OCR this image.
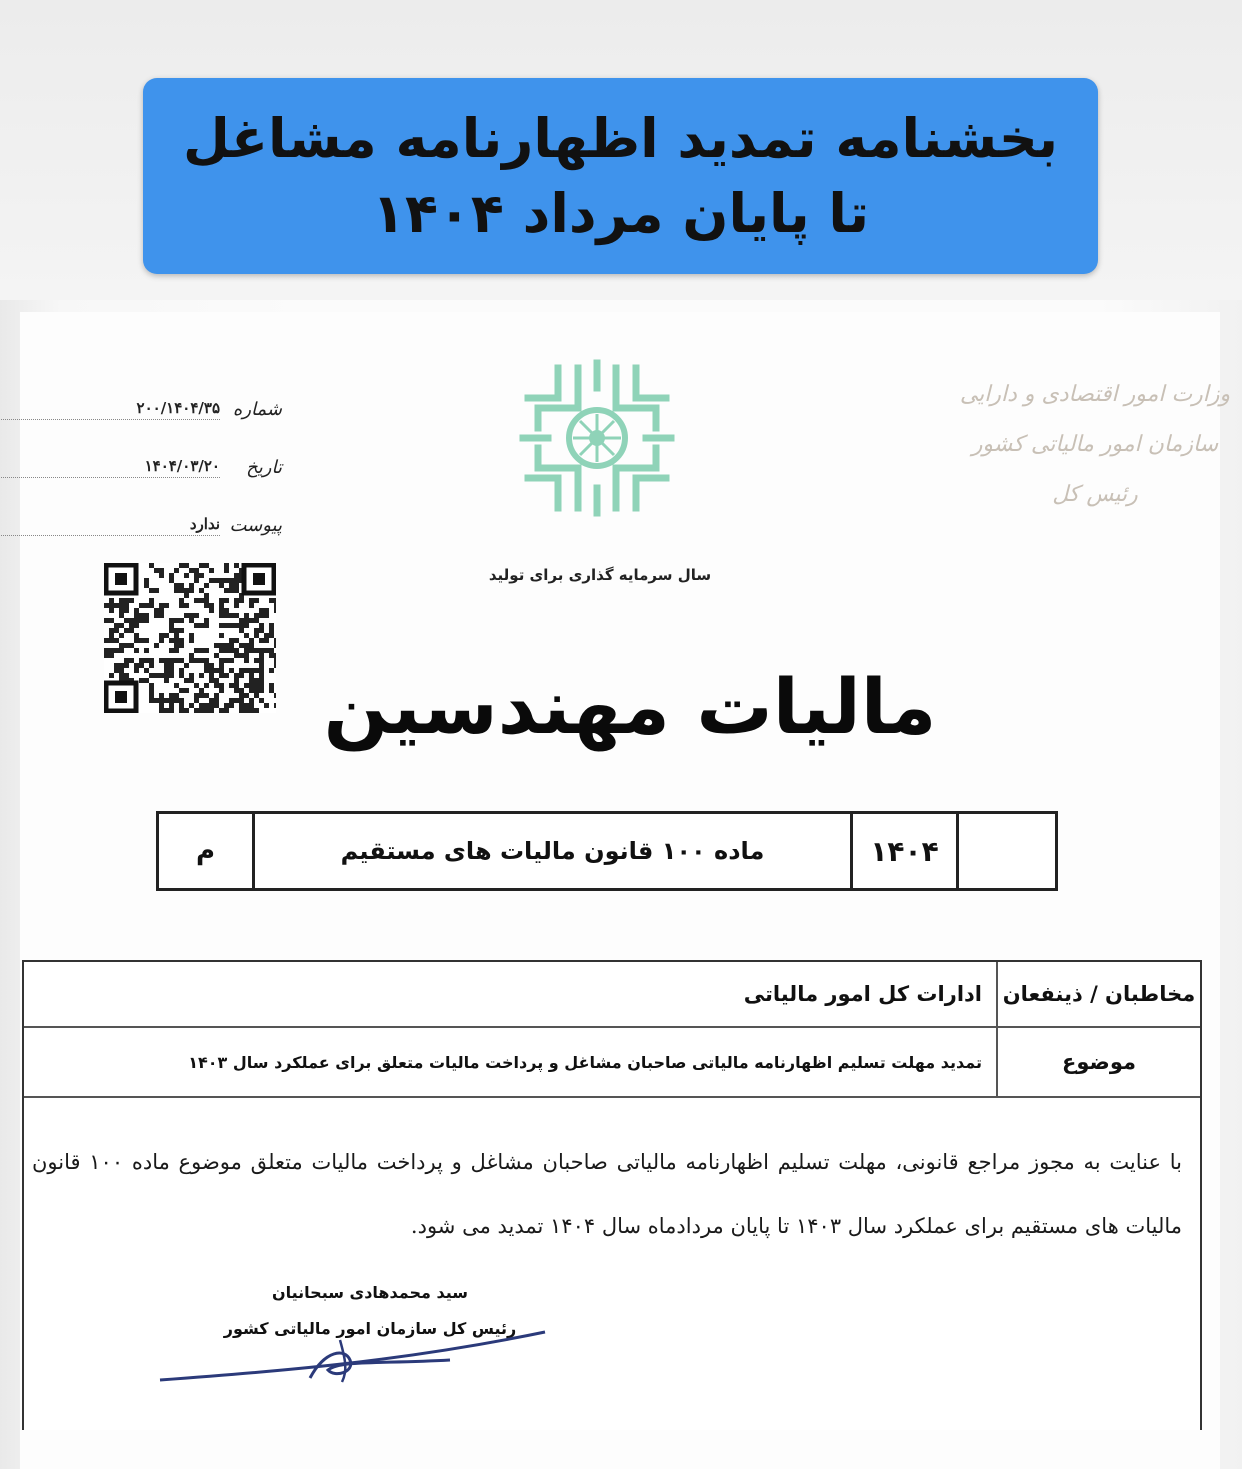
بخشنامه تمدید اظهارنامه مشاغل
تا پایان مرداد ۱۴۰۴
شماره
۲۰۰/۱۴۰۴/۳۵
تاریخ
۱۴۰۴/۰۳/۲۰
پیوست
ندارد
سال سرمایه گذاری برای تولید
وزارت امور اقتصادی و دارایی
سازمان امور مالیاتی کشور
رئیس کل
مالیات مهندسین
۱۴۰۴
ماده ۱۰۰ قانون مالیات های مستقیم
م
مخاطبان / ذینفعان
ادارات کل امور مالیاتی
موضوع
تمدید مهلت تسلیم اظهارنامه مالیاتی صاحبان مشاغل و پرداخت مالیات متعلق برای عملکرد سال ۱۴۰۳
با عنایت به مجوز مراجع قانونی، مهلت تسلیم اظهارنامه مالیاتی صاحبان مشاغل و پرداخت مالیات متعلق موضوع ماده ۱۰۰ قانون مالیات های مستقیم برای عملکرد سال ۱۴۰۳ تا پایان مردادماه سال ۱۴۰۴ تمدید می شود.
سید محمدهادی سبحانیان
رئیس کل سازمان امور مالیاتی کشور
